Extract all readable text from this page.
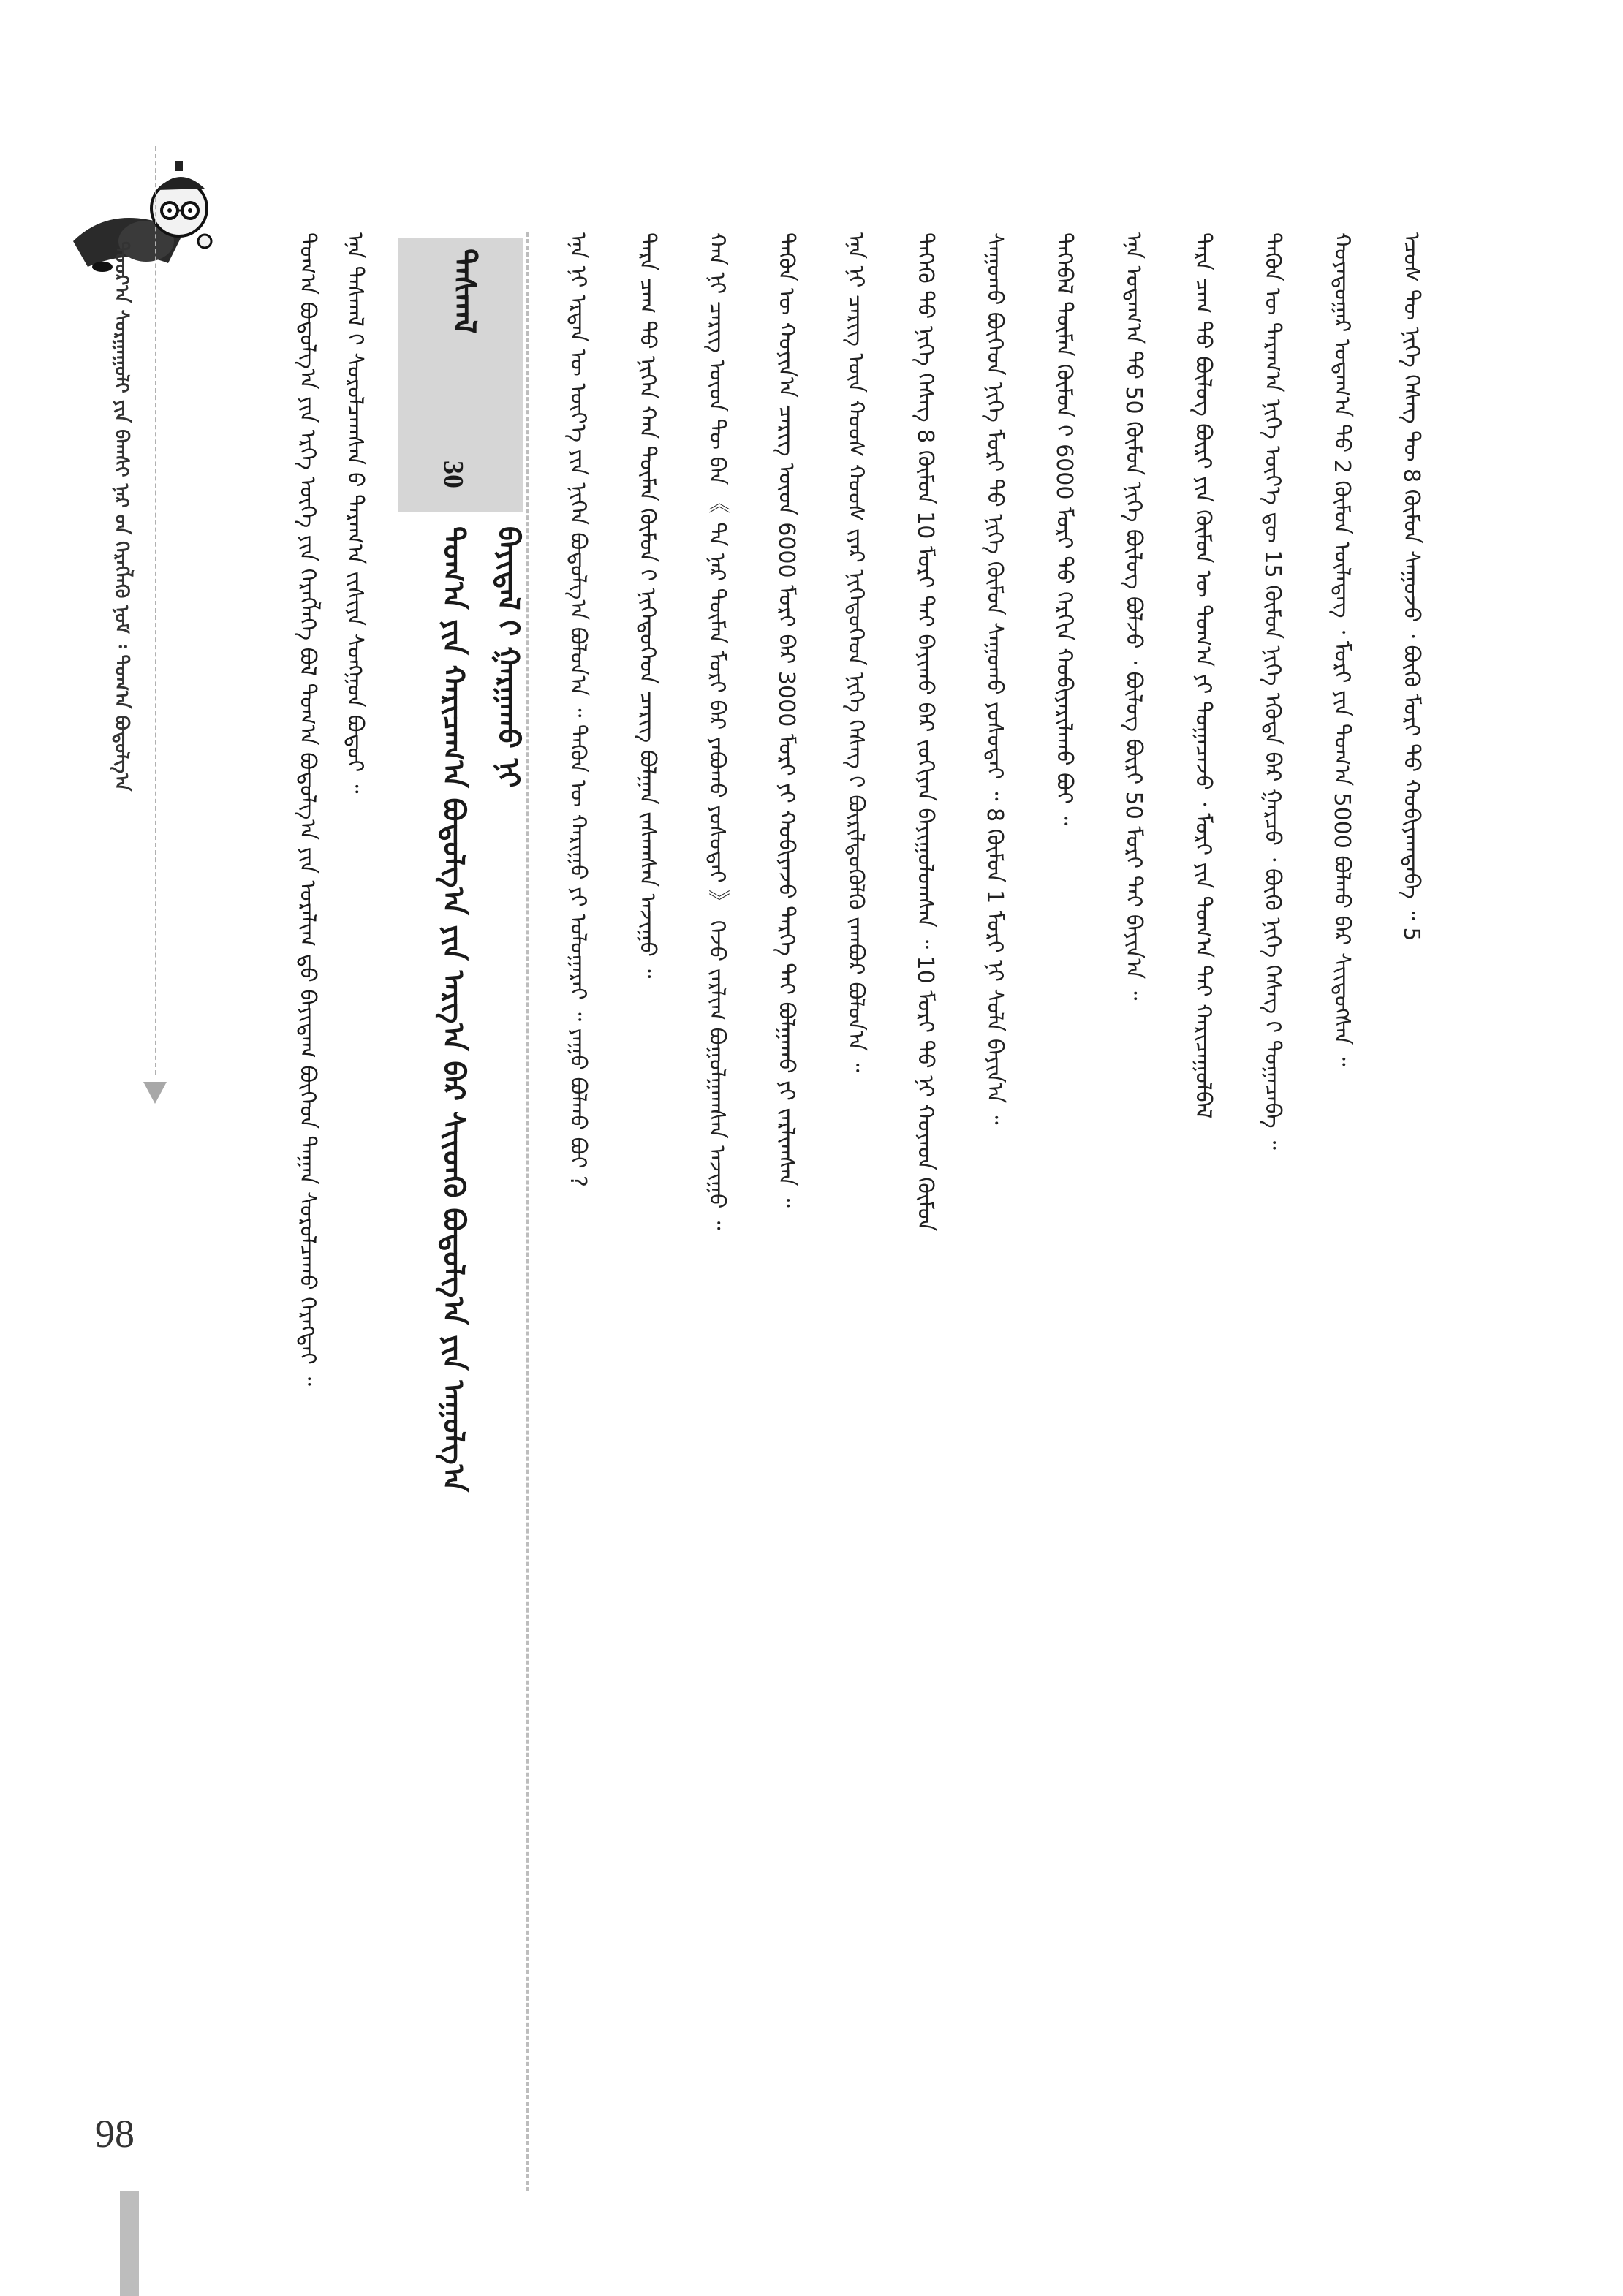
ᠳᠣᠣᠷ᠎ᠠ ᠰᠤᠷᠭᠠᠭᠤᠯᠢ ᠶᠢᠨ ᠪᠠᠭᠰᠢ ᠨᠠᠷ ᠤ᠋ᠨ ᠬᠡᠷᠡᠭᠯᠡᠬᠦ ᠨᠣᠮ ᠄ ᠲᠣᠭ᠎ᠠ ᠪᠣᠳᠣᠯᠭ᠎ᠠ	ᠲᠣᠭ᠎ᠠ ᠪᠣᠳᠣᠯᠭ᠎ᠠ ᠶᠢᠨ ᠡᠷᠬᠡ ᠦᠭᠡ ᠶᠢᠨ ᠬᠡᠷᠡᠭᠯᠡᠭᠡ ᠪᠣᠯ ᠲᠣᠭ᠎ᠠ ᠪᠣᠳᠣᠯᠭ᠎ᠠ ᠶᠢᠨ ᠤᠷᠠᠯᠢᠭ ᠳ᠋ᠤ᠌ ᠪᠠᠶᠢᠳᠠᠭ ᠪᠥᠭᠡᠳ ᠳᠠᠭᠠᠨ ᠰᠤᠷᠤᠯᠴᠠᠬᠤ ᠬᠡᠷᠡᠭᠲᠡᠢ ᠃	ᠡᠨᠡ ᠳᠠᠰᠬᠠᠯ ᠢ᠋ ᠰᠤᠷᠤᠯᠴᠠᠭᠰᠠᠨ ᠤ᠋ ᠳᠠᠷᠠᠭ᠎ᠠ ᠵᠢᠱᠢᠶᠡ ᠰᠣᠩᠭᠣᠨ ᠪᠣᠳᠣᠶ ᠃	ᠳᠠᠰᠬᠠᠯ
30
ᠲᠣᠭ᠎ᠠ ᠶᠢᠨ ᠬᠠᠷᠢᠴᠠᠭ᠎ᠠ ᠪᠣᠳᠣᠯᠭ᠎ᠠ ᠶᠢᠨ ᠠᠷᠭ᠎ᠠ ᠪᠠᠷ ᠰᠢᠢᠳᠬᠦ ᠪᠣᠳᠣᠯᠭ᠎ᠠ ᠶᠢᠨ ᠠᠭᠤᠯᠭ᠎ᠠ ᠪᠠᠶᠢᠳᠠᠯ ᠢ᠋ ᠭᠠᠷᠭᠠᠬᠤ ᠨᠢ	ᠡᠨᠡ ᠨᠢ ᠡᠷᠲᠡᠨ ᠦ ᠦᠶ᠎ᠡ ᠶᠢᠨ ᠨᠢᠭᠡᠨ ᠪᠣᠳᠣᠯᠭ᠎ᠠ ᠪᠣᠯᠤᠨ᠎ᠠ ᠃ ᠲᠡᠭᠦᠨ ᠦ ᠬᠠᠷᠢᠭᠤ ᠶᠢ ᠣᠯᠤᠭᠠᠷᠠᠢ ᠃ ᠶᠠᠭᠤ ᠪᠣᠯᠬᠤ ᠪᠤᠢ ?	ᠲᠡᠷᠡ ᠴᠠᠭ ᠲᠤ᠌ ᠨᠢᠭᠡᠨ ᠬᠠᠨ ᠲᠦᠮᠡᠨ ᠬᠦᠮᠦᠨ ᠢ᠋ ᠨᠢᠭᠡᠳᠦᠭᠡᠳ ᠴᠡᠷᠢᠭ ᠪᠣᠯᠭᠠᠨ ᠵᠠᠰᠠᠭᠰᠠᠨ ᠠᠵᠢᠭᠤ ᠃	ᠬᠠᠨ ᠨᠢ ᠴᠡᠷᠢᠭ ᠦᠳ ᠲᠦ ᠪᠠᠨ 《 ᠲᠠ ᠨᠠᠷ ᠲᠦᠮᠡᠨ ᠮᠣᠷᠢ ᠪᠠᠷ ᠶᠠᠪᠤᠬᠤ ᠶᠣᠰᠣᠲᠠᠢ 》 ᠭᠡᠵᠦ ᠵᠠᠷᠯᠢᠭ ᠪᠤᠭᠤᠯᠭᠠᠭᠰᠠᠨ ᠠᠵᠢᠭᠤ ᠃	ᠲᠡᠭᠦᠨ ᠦ ᠬᠣᠶᠢᠨ᠎ᠠ ᠴᠡᠷᠢᠭ ᠦᠳ 6000 ᠮᠣᠷᠢ ᠪᠠᠷ 3000 ᠮᠣᠷᠢ ᠶᠢ ᠬᠤᠪᠢᠶᠠᠵᠤ ᠲᠡᠷᠭᠡ ᠲᠡᠢ ᠪᠣᠯᠭᠠᠬᠤ ᠶᠢ ᠵᠠᠷᠯᠢᠭᠰᠠᠨ ᠃	ᠡᠨᠡ ᠨᠢ ᠴᠡᠷᠢᠭ ᠦᠨ ᠬᠣᠣᠰ ᠬᠣᠣᠰ ᠢ᠋ᠶᠠᠷ ᠨᠢᠭᠡᠳᠦᠭᠡᠳ ᠨᠢᠭᠡ ᠬᠡᠰᠡᠭ ᠢ᠋ ᠪᠦᠷᠢᠯᠳᠦᠭᠦᠯᠬᠦ ᠵᠠᠭᠪᠤᠷ ᠪᠣᠯᠤᠨ᠎ᠠ ᠃	ᠲᠡᠭᠡᠬᠦ ᠳᠤ᠌ ᠨᠢᠭᠡ ᠬᠡᠰᠡᠭ 8 ᠬᠦᠮᠦᠨ 10 ᠮᠣᠷᠢ ᠲᠠᠢ ᠪᠠᠶᠢᠬᠤ ᠪᠠᠷ ᠵᠣᠬᠢᠶᠠᠨ ᠪᠠᠶᠢᠭᠤᠯᠤᠭᠰᠠᠨ ᠃ 10 ᠮᠣᠷᠢ ᠳᠤ᠌ ᠨᠢ ᠬᠣᠶᠠᠳ ᠬᠦᠮᠦᠨ	ᠰᠠᠭᠤᠬᠤ ᠪᠥᠭᠡᠳ ᠨᠢᠭᠡ ᠮᠣᠷᠢ ᠳᠤ᠌ ᠨᠢᠭᠡ ᠬᠦᠮᠦᠨ ᠰᠠᠭᠤᠬᠤ ᠶᠣᠰᠣᠲᠠᠢ ᠃ 8 ᠬᠦᠮᠦᠨ 1 ᠮᠣᠷᠢ ᠨᠢ ᠰᠤᠯᠠ ᠪᠠᠶᠢᠨ᠎ᠠ ᠃	ᠲᠡᠭᠡᠪᠡᠯ ᠲᠦᠮᠡᠨ ᠬᠦᠮᠦᠨ ᠢ᠋ 6000 ᠮᠣᠷᠢ ᠳᠤ᠌ ᠬᠡᠷᠬᠢᠨ ᠬᠤᠪᠢᠶᠠᠷᠢᠯᠠᠬᠤ ᠪᠤᠢ ᠃	ᠡᠨᠡ ᠤᠳᠠᠭ᠎ᠠ ᠳᠤ᠌ 50 ᠬᠦᠮᠦᠨ ᠨᠢᠭᠡ ᠪᠦᠯᠦᠭ ᠪᠣᠯᠵᠤ ᠂ ᠪᠦᠯᠦᠭ ᠪᠦᠷᠢ 50 ᠮᠣᠷᠢ ᠲᠠᠢ ᠪᠠᠶᠢᠨ᠎ᠠ ᠃	ᠲᠡᠷᠡ ᠴᠠᠭ ᠲᠤ᠌ ᠪᠦᠯᠦᠭ ᠪᠦᠷᠢ ᠶᠢᠨ ᠬᠦᠮᠦᠨ ᠦ ᠲᠣᠭ᠎ᠠ ᠶᠢ ᠲᠣᠭᠠᠴᠠᠵᠤ ᠂ ᠮᠣᠷᠢ ᠶᠢᠨ ᠲᠣᠭ᠎ᠠ ᠲᠠᠢ ᠬᠠᠷᠢᠴᠠᠭᠤᠯᠪᠠᠯ	ᠲᠡᠭᠦᠨ ᠦ ᠳᠠᠷᠠᠭ᠎ᠠ ᠨᠢᠭᠡ ᠦᠶ᠎ᠡ ᠳᠦ 15 ᠬᠦᠮᠦᠨ ᠨᠢᠭᠡ ᠡᠭᠦᠳᠡ ᠪᠡᠷ ᠭᠠᠷᠴᠤ ᠂ ᠪᠦᠬᠦ ᠨᠢᠭᠡ ᠬᠡᠰᠡᠭ ᠢ᠋ ᠲᠣᠭᠠᠴᠠᠪᠠ ᠃	ᠬᠣᠶᠠᠳᠤᠭᠠᠷ ᠤᠳᠠᠭ᠎ᠠ ᠳᠤ᠌ 2 ᠬᠦᠮᠦᠨ ᠦᠯᠡᠳᠡᠭ ᠂ ᠮᠣᠷᠢ ᠶᠢᠨ ᠲᠣᠭ᠎ᠠ 5000 ᠪᠣᠯᠬᠤ ᠪᠠᠷ ᠰᠢᠢᠳᠦᠭᠰᠡᠨ ᠃	ᠡᠴᠦᠰ ᠲᠦ ᠨᠢᠭᠡ ᠬᠡᠰᠡᠭ ᠲᠦ 8 ᠬᠦᠮᠦᠨ ᠰᠠᠭᠤᠵᠤ ᠂ ᠪᠦᠬᠦ ᠮᠣᠷᠢ ᠳᠤ᠌ ᠬᠤᠪᠢᠶᠠᠭᠳᠠᠪᠠ ᠃ 5
98
